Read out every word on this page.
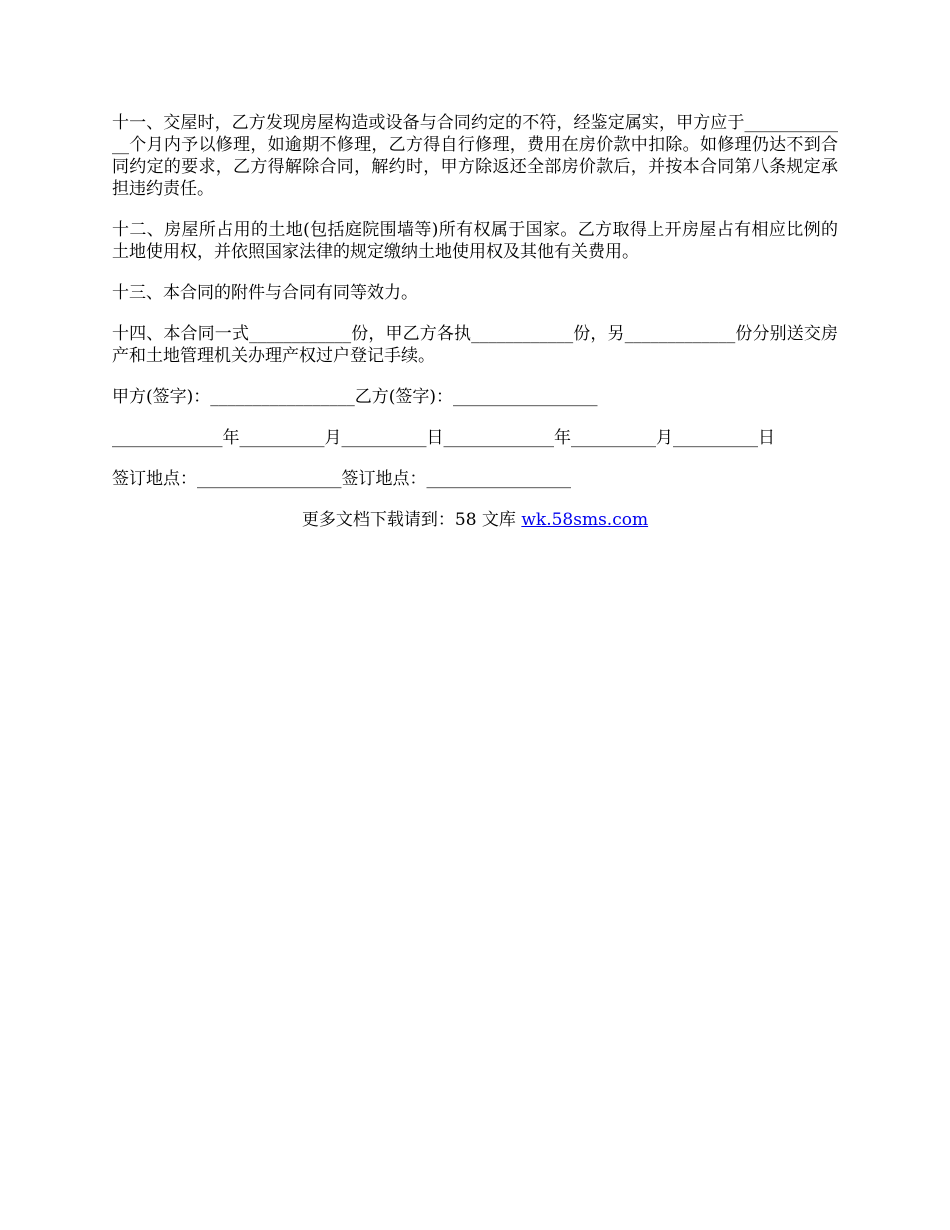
十一、交屋时，乙方发现房屋构造或设备与合同约定的不符，经鉴定属实，甲方应于_____________个月内予以修理，如逾期不修理，乙方得自行修理，费用在房价款中扣除。如修理仍达不到合同约定的要求，乙方得解除合同，解约时，甲方除返还全部房价款后，并按本合同第八条规定承担违约责任。

十二、房屋所占用的土地(包括庭院围墙等)所有权属于国家。乙方取得上开房屋占有相应比例的土地使用权，并依照国家法律的规定缴纳土地使用权及其他有关费用。

十三、本合同的附件与合同有同等效力。

十四、本合同一式____________份，甲乙方各执____________份，另_____________份分别送交房产和土地管理机关办理产权过户登记手续。

甲方(签字)：_________________乙方(签字)：_________________

_____________年__________月__________日_____________年__________月__________日

签订地点：_________________签订地点：_________________

更多文档下载请到：58 文库 wk.58sms.com
